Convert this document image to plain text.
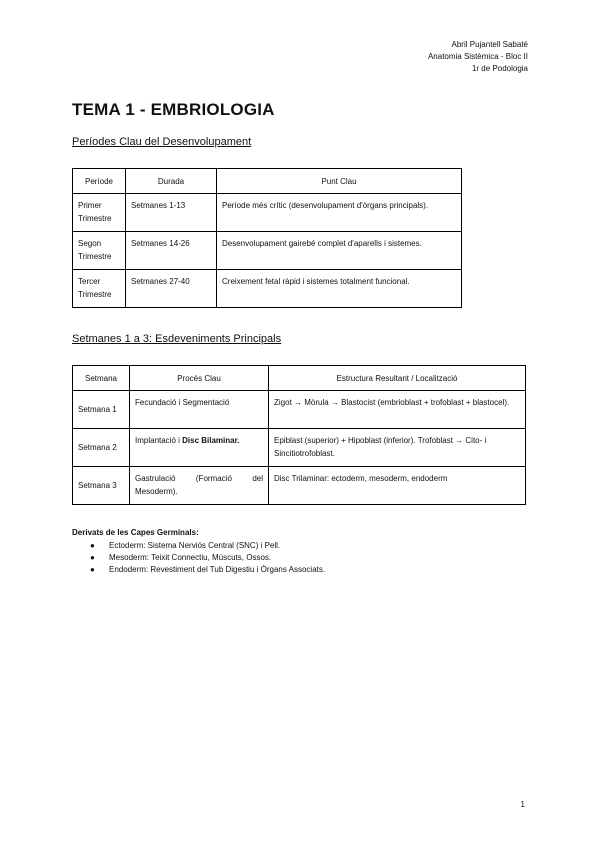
Abril Pujantell Sabaté
Anatomia Sistèmica - Bloc II
1r de Podologia
TEMA 1 - EMBRIOLOGIA
Períodes Clau del Desenvolupament
Període	Durada	Punt Clau
Primer Trimestre	Setmanes 1-13	Període més crític (desenvolupament d'òrgans principals).
Segon Trimestre	Setmanes 14-26	Desenvolupament gairebé complet d'aparells i sistemes.
Tercer Trimestre	Setmanes 27-40	Creixement fetal ràpid i sistemes totalment funcional.
Setmanes 1 a 3: Esdeveniments Principals
Setmana	Procés Clau	Estructura Resultant / Localització
Setmana 1	Fecundació i Segmentació	Zigot → Mòrula → Blastocist (embrioblast + trofoblast + blastocel).
Setmana 2	Implantació i Disc Bilaminar.	Epiblast (superior) + Hipoblast (inferior). Trofoblast → Cito- i Sincitiotrofoblast.
Setmana 3	Gastrulació (Formació del Mesoderm).	Disc Trilaminar: ectoderm, mesoderm, endoderm
Derivats de les Capes Germinals:
● Ectoderm: Sistema Nerviós Central (SNC) i Pell.
● Mesoderm: Teixit Connectiu, Múscuts, Ossos.
● Endoderm: Revestiment del Tub Digestiu i Òrgans Associats.
1
